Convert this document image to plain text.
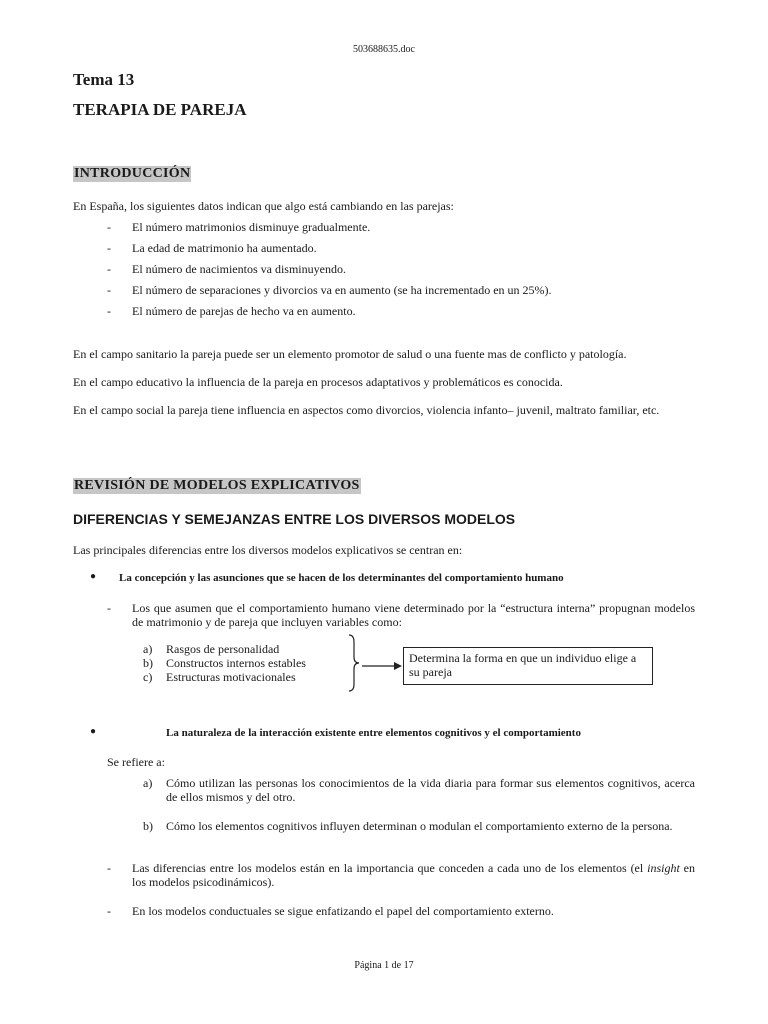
503688635.doc
Tema 13
TERAPIA DE PAREJA
INTRODUCCIÓN
En España, los siguientes datos indican que algo está cambiando en las parejas:
- El número matrimonios disminuye gradualmente.
- La edad de matrimonio ha aumentado.
- El número de nacimientos va disminuyendo.
- El número de separaciones y divorcios va en aumento (se ha incrementado en un 25%).
- El número de parejas de hecho va en aumento.
En el campo sanitario la pareja puede ser un elemento promotor de salud o una fuente mas de conflicto y patología.
En el campo educativo la influencia de la pareja en procesos adaptativos y problemáticos es conocida.
En el campo social la pareja tiene influencia en aspectos como divorcios, violencia infanto– juvenil, maltrato familiar, etc.
REVISIÓN DE MODELOS EXPLICATIVOS
DIFERENCIAS Y SEMEJANZAS ENTRE LOS DIVERSOS MODELOS
Las principales diferencias entre los diversos modelos explicativos se centran en:
● La concepción y las asunciones que se hacen de los determinantes del comportamiento humano
- Los que asumen que el comportamiento humano viene determinado por la “estructura interna” propugnan modelos de matrimonio y de pareja que incluyen variables como:
a) Rasgos de personalidad
b) Constructos internos estables
c) Estructuras motivacionales
Determina la forma en que un individuo elige a su pareja
●	La naturaleza de la interacción existente entre elementos cognitivos y el comportamiento
Se refiere a:
a) Cómo utilizan las personas los conocimientos de la vida diaria para formar sus elementos cognitivos, acerca de ellos mismos y del otro.
b) Cómo los elementos cognitivos influyen determinan o modulan el comportamiento externo de la persona.
- Las diferencias entre los modelos están en la importancia que conceden a cada uno de los elementos (el insight en los modelos psicodinámicos).
- En los modelos conductuales se sigue enfatizando el papel del comportamiento externo.
Página 1 de 17
